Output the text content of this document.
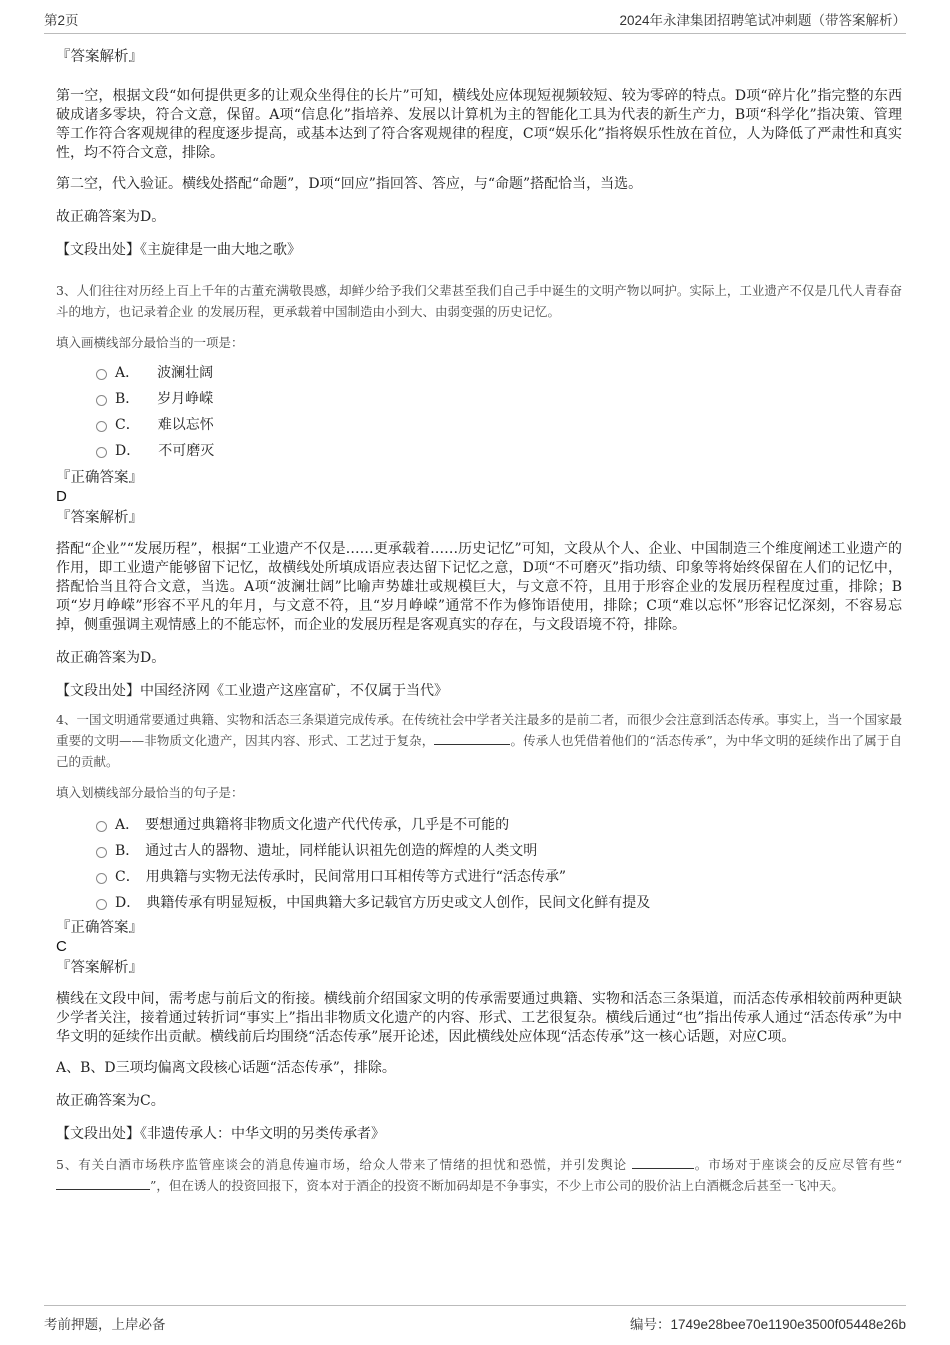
第2页	2024年永津集团招聘笔试冲刺题（带答案解析）
『答案解析』

第一空，根据文段“如何提供更多的让观众坐得住的长片”可知，横线处应体现短视频较短、较为零碎的特点。D项“碎片化”指完整的东西破成诸多零块，符合文意，保留。A项“信息化”指培养、发展以计算机为主的智能化工具为代表的新生产力，B项“科学化”指决策、管理等工作符合客观规律的程度逐步提高，或基本达到了符合客观规律的程度，C项“娱乐化”指将娱乐性放在首位，人为降低了严肃性和真实性，均不符合文意，排除。

第二空，代入验证。横线处搭配“命题”，D项“回应”指回答、答应，与“命题”搭配恰当，当选。

故正确答案为D。

【文段出处】《主旋律是一曲大地之歌》

3、人们往往对历经上百上千年的古董充满敬畏感，却鲜少给予我们父辈甚至我们自己手中诞生的文明产物以呵护。实际上，工业遗产不仅是几代人青春奋斗的地方，也记录着企业 的发展历程，更承载着中国制造由小到大、由弱变强的历史记忆。

填入画横线部分最恰当的一项是：

A． 波澜壮阔
B． 岁月峥嵘
C． 难以忘怀
D． 不可磨灭
『正确答案』
D
『答案解析』

搭配“企业”“发展历程”，根据“工业遗产不仅是……更承载着……历史记忆”可知，文段从个人、企业、中国制造三个维度阐述工业遗产的作用，即工业遗产能够留下记忆，故横线处所填成语应表达留下记忆之意，D项“不可磨灭”指功绩、印象等将始终保留在人们的记忆中，搭配恰当且符合文意，当选。A项“波澜壮阔”比喻声势雄壮或规模巨大，与文意不符，且用于形容企业的发展历程程度过重，排除；B项“岁月峥嵘”形容不平凡的年月，与文意不符，且“岁月峥嵘”通常不作为修饰语使用，排除；C项“难以忘怀”形容记忆深刻，不容易忘掉，侧重强调主观情感上的不能忘怀，而企业的发展历程是客观真实的存在，与文段语境不符，排除。

故正确答案为D。

【文段出处】中国经济网《工业遗产这座富矿，不仅属于当代》

4、一国文明通常要通过典籍、实物和活态三条渠道完成传承。在传统社会中学者关注最多的是前二者，而很少会注意到活态传承。事实上，当一个国家最重要的文明——非物质文化遗产，因其内容、形式、工艺过于复杂，	。传承人也凭借着他们的“活态传承”，为中华文明的延续作出了属于自己的贡献。

填入划横线部分最恰当的句子是：

A． 要想通过典籍将非物质文化遗产代代传承，几乎是不可能的
B． 通过古人的器物、遗址，同样能认识祖先创造的辉煌的人类文明
C． 用典籍与实物无法传承时，民间常用口耳相传等方式进行“活态传承”
D． 典籍传承有明显短板，中国典籍大多记载官方历史或文人创作，民间文化鲜有提及
『正确答案』
C
『答案解析』

横线在文段中间，需考虑与前后文的衔接。横线前介绍国家文明的传承需要通过典籍、实物和活态三条渠道，而活态传承相较前两种更缺少学者关注，接着通过转折词“事实上”指出非物质文化遗产的内容、形式、工艺很复杂。横线后通过“也”指出传承人通过“活态传承”为中华文明的延续作出贡献。横线前后均围绕“活态传承”展开论述，因此横线处应体现“活态传承”这一核心话题，对应C项。

A、B、D三项均偏离文段核心话题“活态传承”，排除。

故正确答案为C。

【文段出处】《非遗传承人：中华文明的另类传承者》

5、有关白酒市场秩序监管座谈会的消息传遍市场，给众人带来了情绪的担忧和恐慌，并引发舆论	。市场对于座谈会的反应尽管有些“”，但在诱人的投资回报下，资本对于酒企的投资不断加码却是不争事实，不少上市公司的股价沾上白酒概念后甚至一飞冲天。

考前押题，上岸必备	编号：1749e28bee70e1190e3500f05448e26b
